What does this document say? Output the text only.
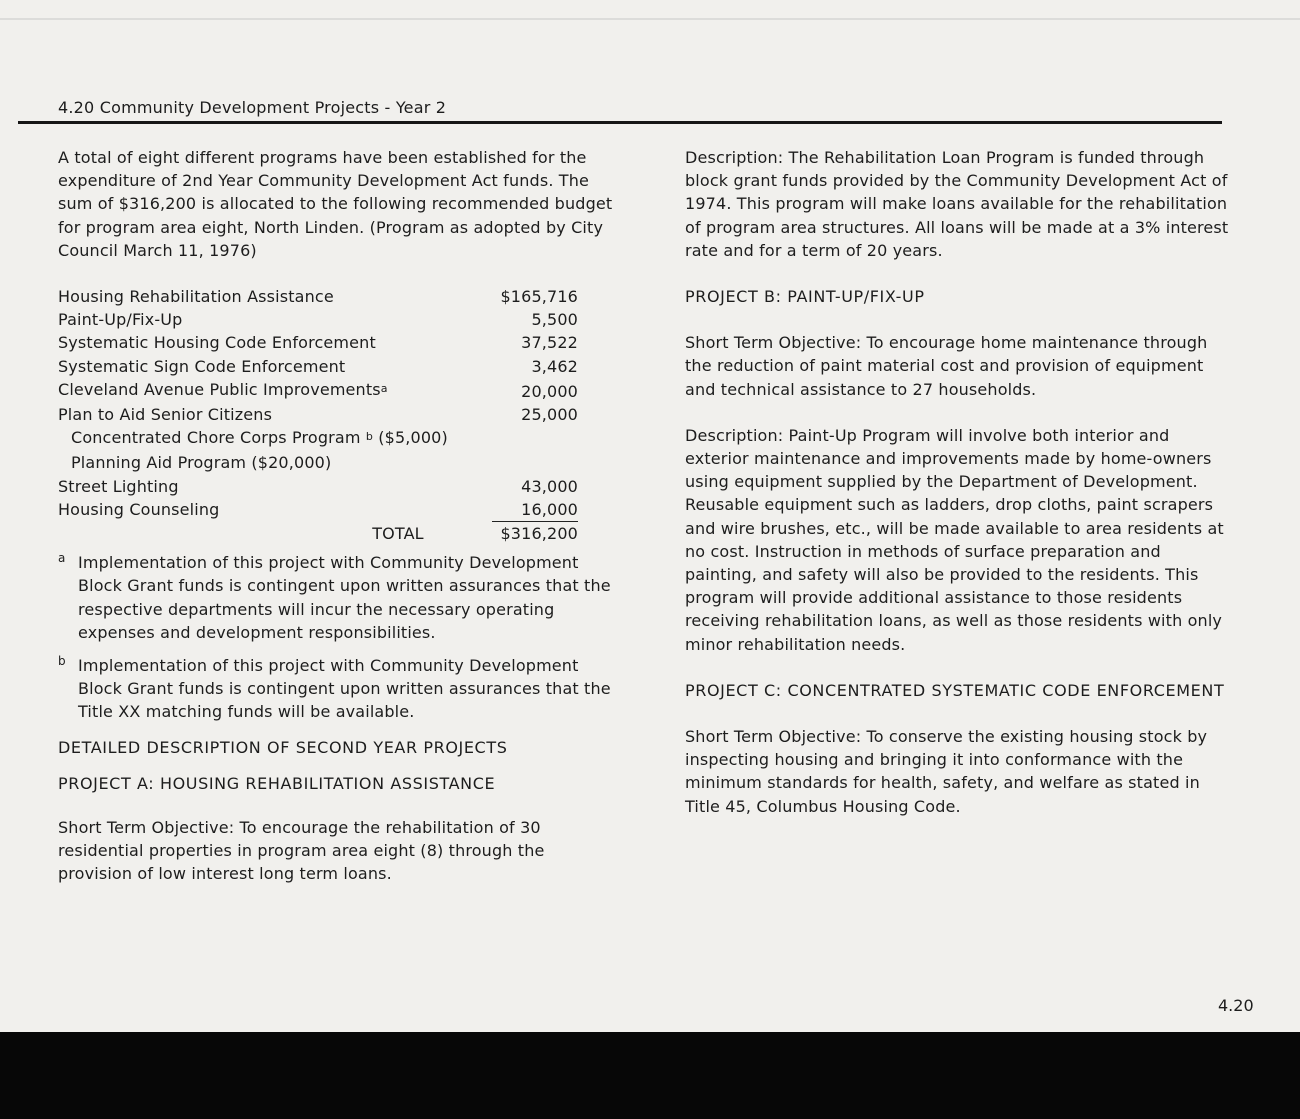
4.20 Community Development Projects - Year 2

A total of eight different programs have been established for the expenditure of 2nd Year Community Development Act funds. The sum of $316,200 is allocated to the following recommended budget for program area eight, North Linden. (Program as adopted by City Council March 11, 1976)

Housing Rehabilitation Assistance	$165,716
Paint-Up/Fix-Up	5,500
Systematic Housing Code Enforcement	37,522
Systematic Sign Code Enforcement	3,462
Cleveland Avenue Public Improvements$^a$	20,000
Plan to Aid Senior Citizens	25,000
Concentrated Chore Corps Program $^b$ ($5,000)	
Planning Aid Program ($20,000)	
Street Lighting	43,000
Housing Counseling	16,000
TOTAL	$316,200
a Implementation of this project with Community Development Block Grant funds is contingent upon written assurances that the respective departments will incur the necessary operating expenses and development responsibilities.
b Implementation of this project with Community Development Block Grant funds is contingent upon written assurances that the Title XX matching funds will be available.

DETAILED DESCRIPTION OF SECOND YEAR PROJECTS

PROJECT A: HOUSING REHABILITATION ASSISTANCE

Short Term Objective: To encourage the rehabilitation of 30 residential properties in program area eight (8) through the provision of low interest long term loans.

Description: The Rehabilitation Loan Program is funded through block grant funds provided by the Community Development Act of 1974. This program will make loans available for the rehabilitation of program area structures. All loans will be made at a 3% interest rate and for a term of 20 years.

PROJECT B: PAINT-UP/FIX-UP

Short Term Objective: To encourage home maintenance through the reduction of paint material cost and provision of equipment and technical assistance to 27 households.

Description: Paint-Up Program will involve both interior and exterior maintenance and improvements made by home-owners using equipment supplied by the Department of Development. Reusable equipment such as ladders, drop cloths, paint scrapers and wire brushes, etc., will be made available to area residents at no cost. Instruction in methods of surface preparation and painting, and safety will also be provided to the residents. This program will provide additional assistance to those residents receiving rehabilitation loans, as well as those residents with only minor rehabilitation needs.

PROJECT C: CONCENTRATED SYSTEMATIC CODE ENFORCEMENT

Short Term Objective: To conserve the existing housing stock by inspecting housing and bringing it into conformance with the minimum standards for health, safety, and welfare as stated in Title 45, Columbus Housing Code.

4.20
